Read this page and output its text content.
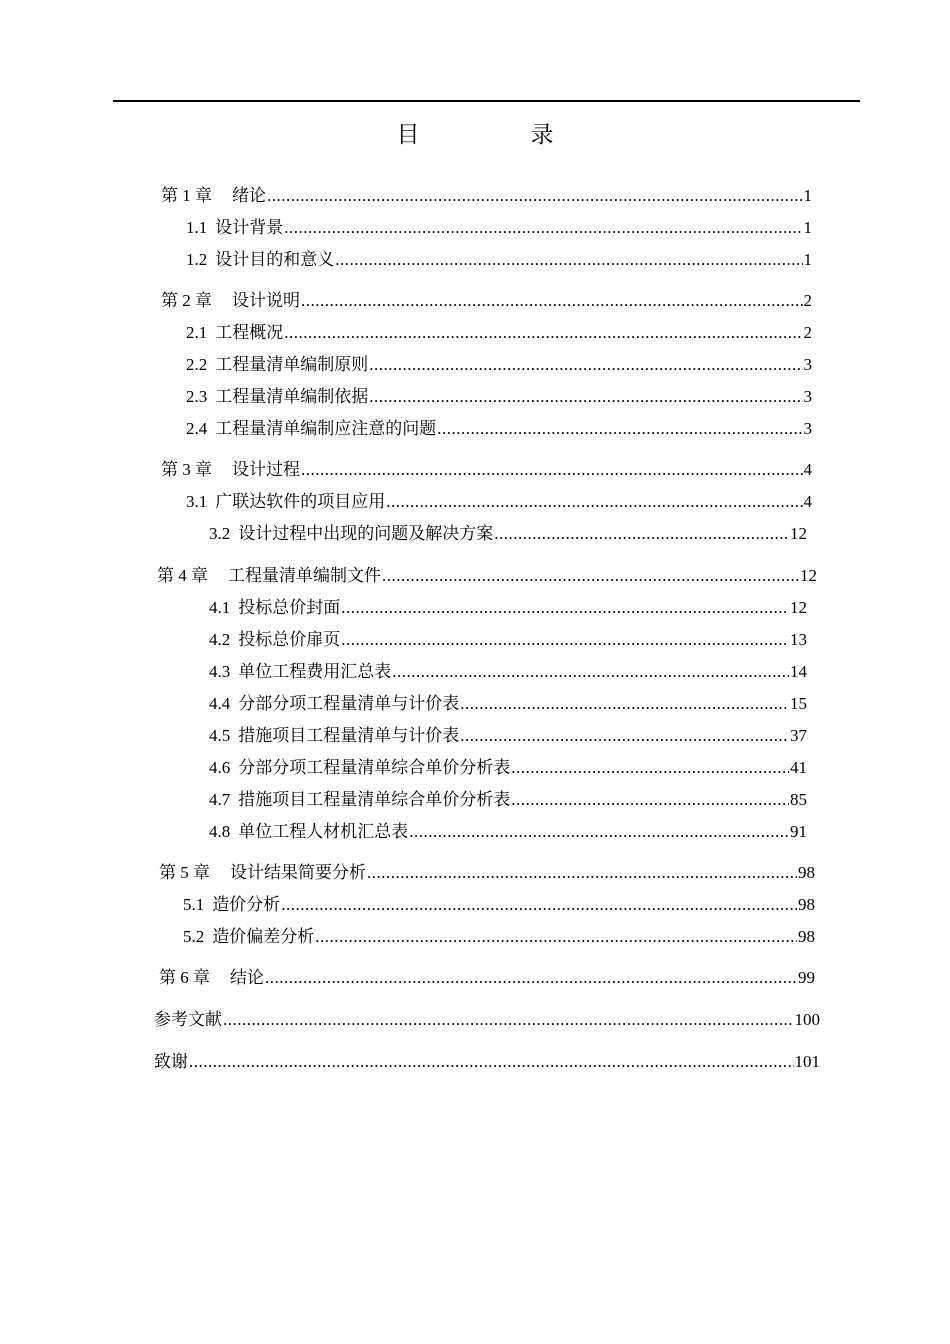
目　录
第 1 章 绪论 .....	1
1.1 设计背景 .....	1
1.2 设计目的和意义 .....	1
第 2 章 设计说明 .....	2
2.1 工程概况 .....	2
2.2 工程量清单编制原则 .....	3
2.3 工程量清单编制依据 .....	3
2.4 工程量清单编制应注意的问题 .....	3
第 3 章 设计过程 .....	4
3.1 广联达软件的项目应用 .....	4
3.2 设计过程中出现的问题及解决方案 .....	12
第 4 章 工程量清单编制文件 .....	12
4.1 投标总价封面 .....	12
4.2 投标总价扉页 .....	13
4.3 单位工程费用汇总表 .....	14
4.4 分部分项工程量清单与计价表 .....	15
4.5 措施项目工程量清单与计价表 .....	37
4.6 分部分项工程量清单综合单价分析表 .....	41
4.7 措施项目工程量清单综合单价分析表 .....	85
4.8 单位工程人材机汇总表 .....	91
第 5 章 设计结果简要分析 .....	98
5.1 造价分析 .....	98
5.2 造价偏差分析 .....	98
第 6 章 结论 .....	99
参考文献 .....	100
致谢 .....	101
